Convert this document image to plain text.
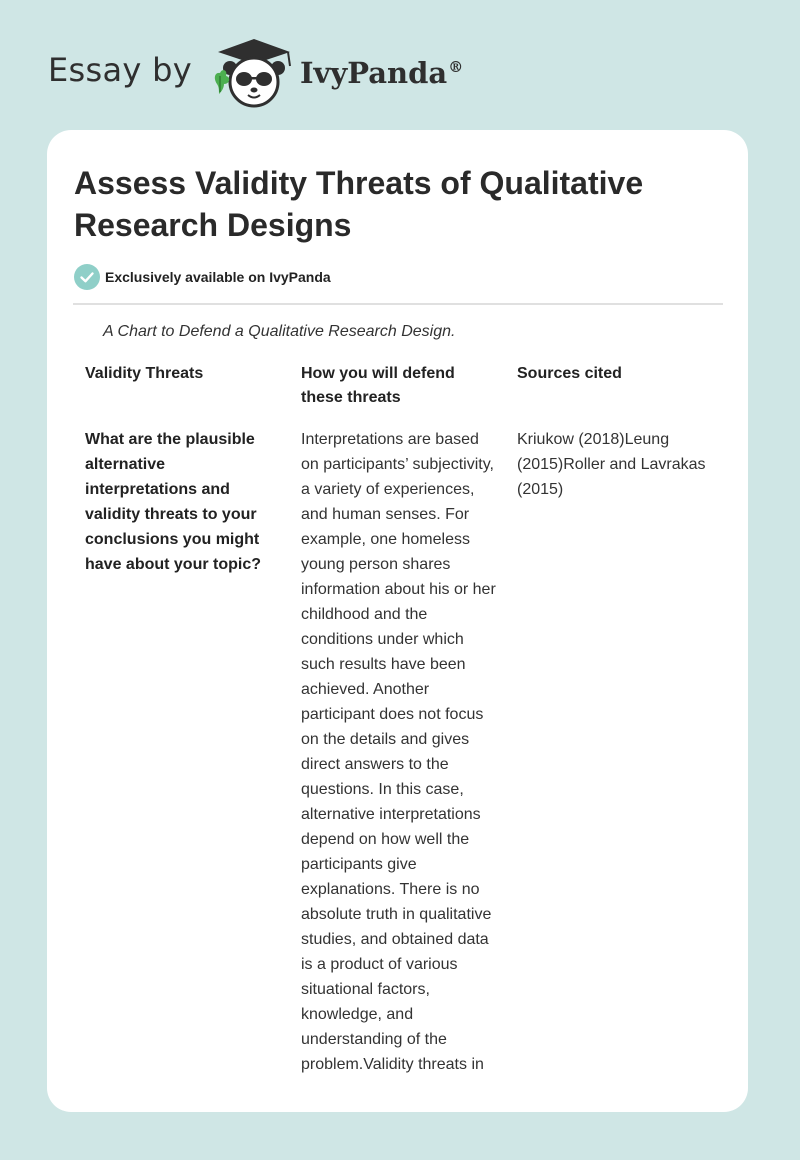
Essay by	IvyPanda®
Assess Validity Threats of Qualitative Research Designs
Exclusively available on IvyPanda
A Chart to Defend a Qualitative Research Design.
Validity Threats	How you will defend these threats
Sources cited
What are the plausible alternative interpretations and validity threats to your conclusions you might have about your topic?
Interpretations are based on participants’ subjectivity, a variety of experiences, and human senses. For example, one homeless young person shares information about his or her childhood and the conditions under which such results have been achieved. Another participant does not focus on the details and gives direct answers to the questions. In this case, alternative interpretations depend on how well the participants give explanations. There is no absolute truth in qualitative studies, and obtained data is a product of various situational factors, knowledge, and understanding of the problem.Validity threats in
Kriukow (2018)Leung (2015)Roller and Lavrakas (2015)
